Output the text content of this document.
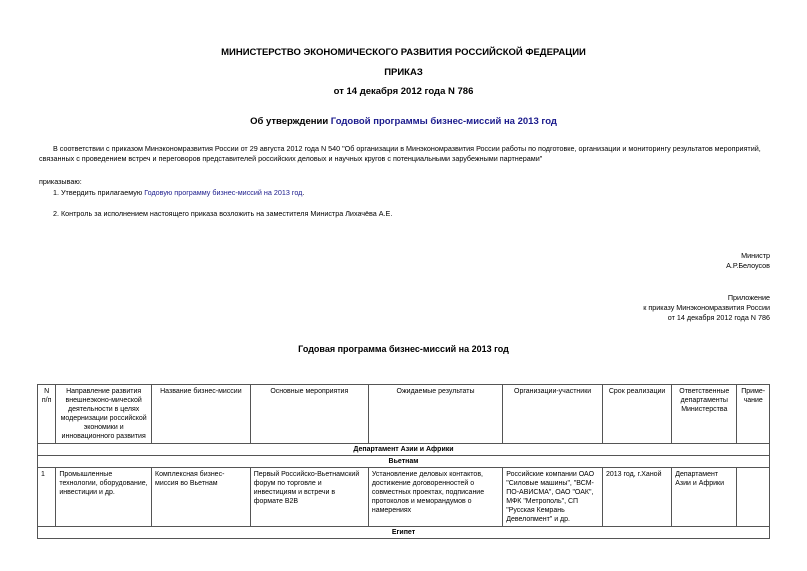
МИНИСТЕРСТВО ЭКОНОМИЧЕСКОГО РАЗВИТИЯ РОССИЙСКОЙ ФЕДЕРАЦИИ
ПРИКАЗ
от 14 декабря 2012 года N 786
Об утверждении Годовой программы бизнес-миссий на 2013 год
В соответствии с приказом Минэкономразвития России от 29 августа 2012 года N 540 "Об организации в Минэкономразвития России работы по подготовке, организации и мониторингу результатов мероприятий, связанных с проведением встреч и переговоров представителей российских деловых и научных кругов с потенциальными зарубежными партнерами"
приказываю:
1. Утвердить прилагаемую Годовую программу бизнес-миссий на 2013 год.
2. Контроль за исполнением настоящего приказа возложить на заместителя Министра Лихачёва А.Е.
Министр
А.Р.Белоусов
Приложение
к приказу Минэкономразвития России
от 14 декабря 2012 года N 786
Годовая программа бизнес-миссий на 2013 год
N п/п	Направление развития внешнеэконо-мической деятельности в целях модернизации российской экономики и инновационного развития	Название бизнес-миссии	Основные мероприятия	Ожидаемые результаты	Организации-участники	Срок реализации	Ответственные департаменты Министерства	Приме-чание
Департамент Азии и Африки								
Вьетнам								
1	Промышленные технологии, оборудование, инвестиции и др.	Комплексная бизнес-миссия во Вьетнам	Первый Российско-Вьетнамский форум по торговле и инвестициям и встречи в формате B2B	Установление деловых контактов, достижение договоренностей о совместных проектах, подписание протоколов и меморандумов о намерениях	Российские компании ОАО "Силовые машины", "ВСМ-ПО-АВИСМА", ОАО "ОАК", МФК "Метрополь", СП "Русская Кемрань Девелопмент" и др.	2013 год, г.Ханой	Департамент Азии и Африки	
Египет								
